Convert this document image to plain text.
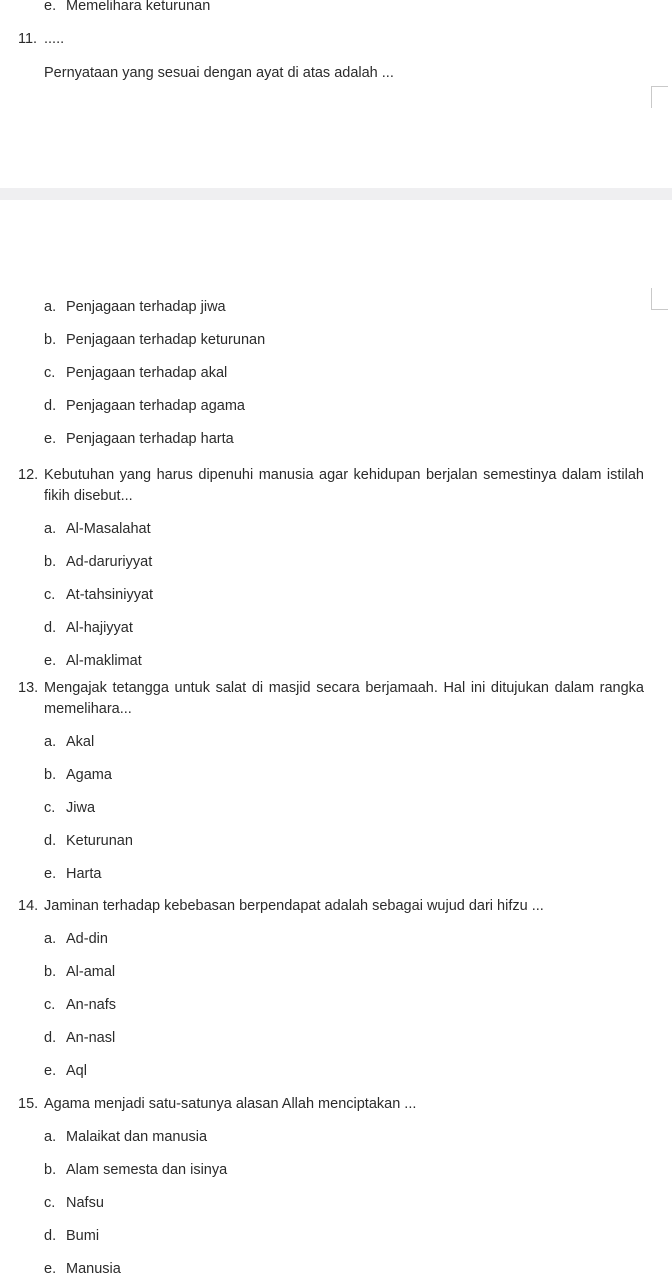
e. Memelihara keturunan
11. .....
Pernyataan yang sesuai dengan ayat di atas adalah ...
a. Penjagaan terhadap jiwa
b. Penjagaan terhadap keturunan
c. Penjagaan terhadap akal
d. Penjagaan terhadap agama
e. Penjagaan terhadap harta
12. Kebutuhan yang harus dipenuhi manusia agar kehidupan berjalan semestinya dalam istilah fikih disebut...
a. Al-Masalahat
b. Ad-daruriyyat
c. At-tahsiniyyat
d. Al-hajiyyat
e. Al-maklimat
13. Mengajak tetangga untuk salat di masjid secara berjamaah. Hal ini ditujukan dalam rangka memelihara...
a. Akal
b. Agama
c. Jiwa
d. Keturunan
e. Harta
14. Jaminan terhadap kebebasan berpendapat adalah sebagai wujud dari hifzu ...
a. Ad-din
b. Al-amal
c. An-nafs
d. An-nasl
e. Aql
15. Agama menjadi satu-satunya alasan Allah menciptakan ...
a. Malaikat dan manusia
b. Alam semesta dan isinya
c. Nafsu
d. Bumi
e. Manusia
